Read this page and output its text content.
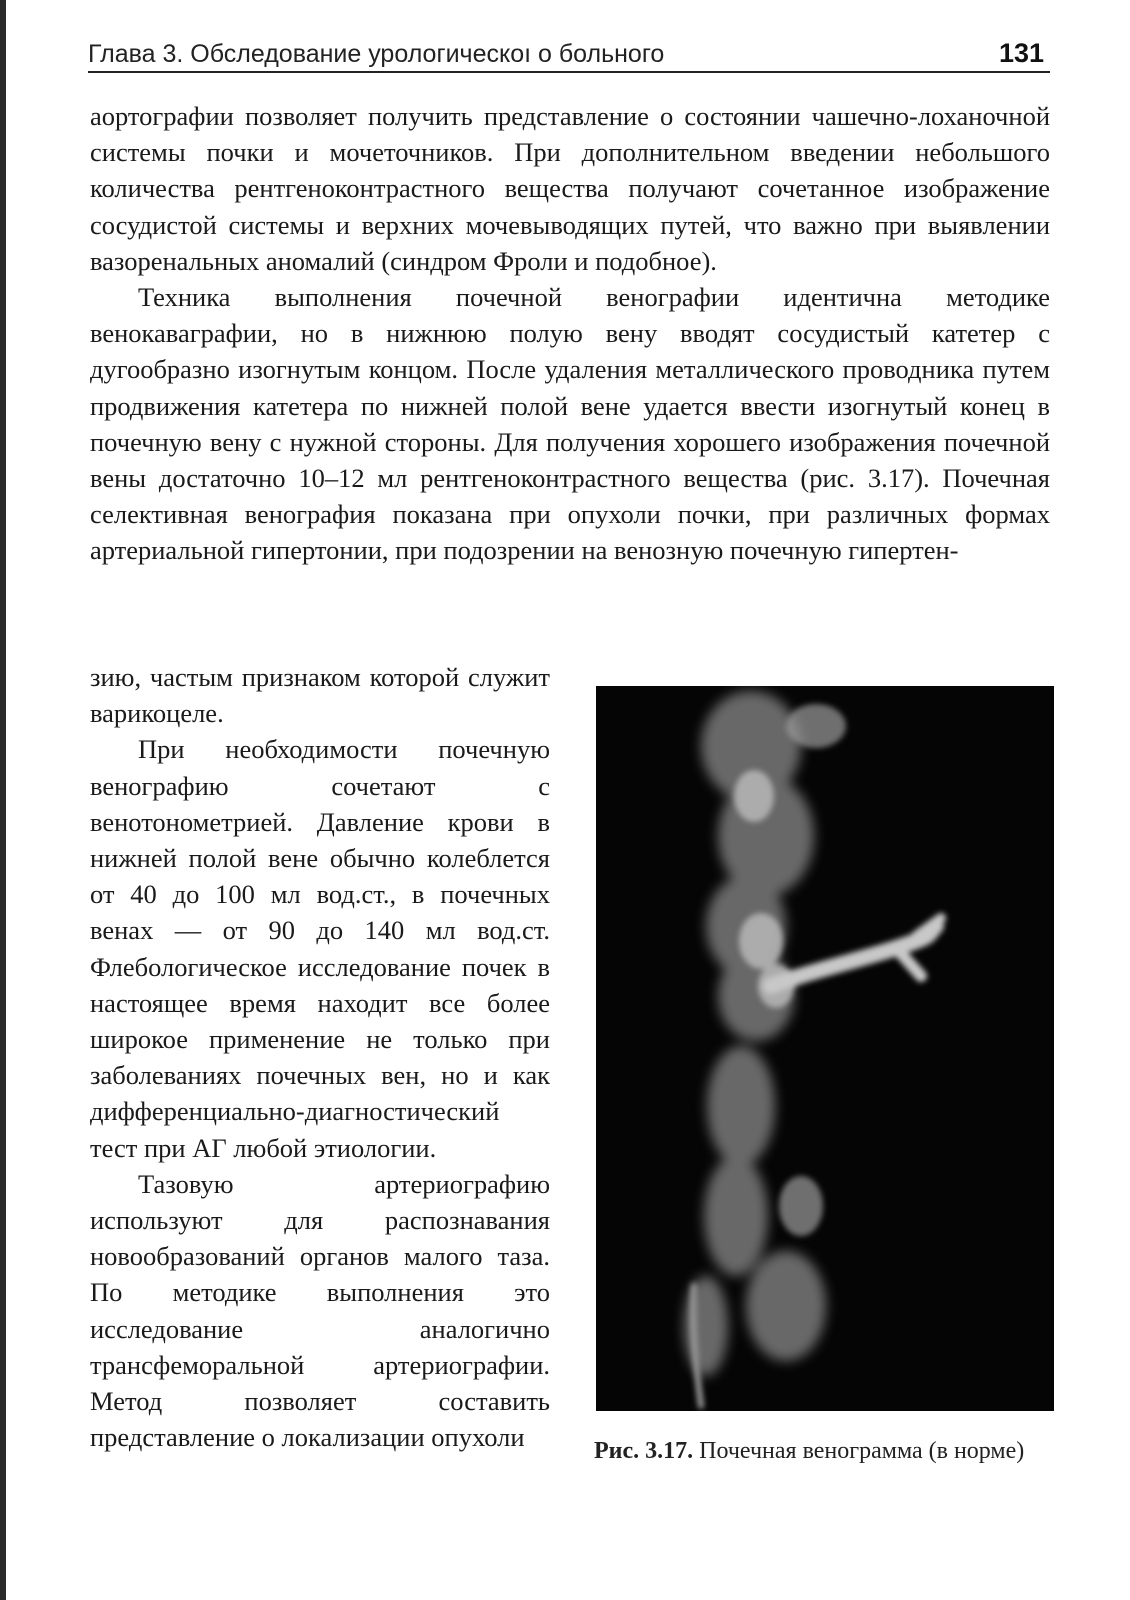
Глава 3. Обследование урологическоı о больного	131

аортографии позволяет получить представление о состоянии чашечно-лоханочной системы почки и мочеточников. При дополнительном введении небольшого количества рентгеноконтрастного вещества получают сочетанное изображение сосудистой системы и верхних мочевыводящих путей, что важно при выявлении вазоренальных аномалий (синдром Фроли и подобное).

Техника выполнения почечной венографии идентична методике венокаваграфии, но в нижнюю полую вену вводят сосудистый катетер с дугообразно изогнутым концом. После удаления металлического проводника путем продвижения катетера по нижней полой вене удается ввести изогнутый конец в почечную вену с нужной стороны. Для получения хорошего изображения почечной вены достаточно 10–12 мл рентгеноконтрастного вещества (рис. 3.17). Почечная селективная венография показана при опухоли почки, при различных формах артериальной гипертонии, при подозрении на венозную почечную гипертен-

зию, частым признаком которой служит варикоцеле.

При необходимости почечную венографию сочетают с венотонометрией. Давление крови в нижней полой вене обычно колеблется от 40 до 100 мл вод.ст., в почечных венах — от 90 до 140 мл вод.ст. Флебологическое исследование почек в настоящее время находит все более широкое применение не только при заболеваниях почечных вен, но и как дифференциально-диагностический тест при АГ любой этиологии.

Тазовую артериографию используют для распознавания новообразований органов малого таза. По методике выполнения это исследование аналогично трансфеморальной артериографии. Метод позволяет составить представление о локализации опухоли	Рис. 3.17. Почечная венограмма (в норме)
